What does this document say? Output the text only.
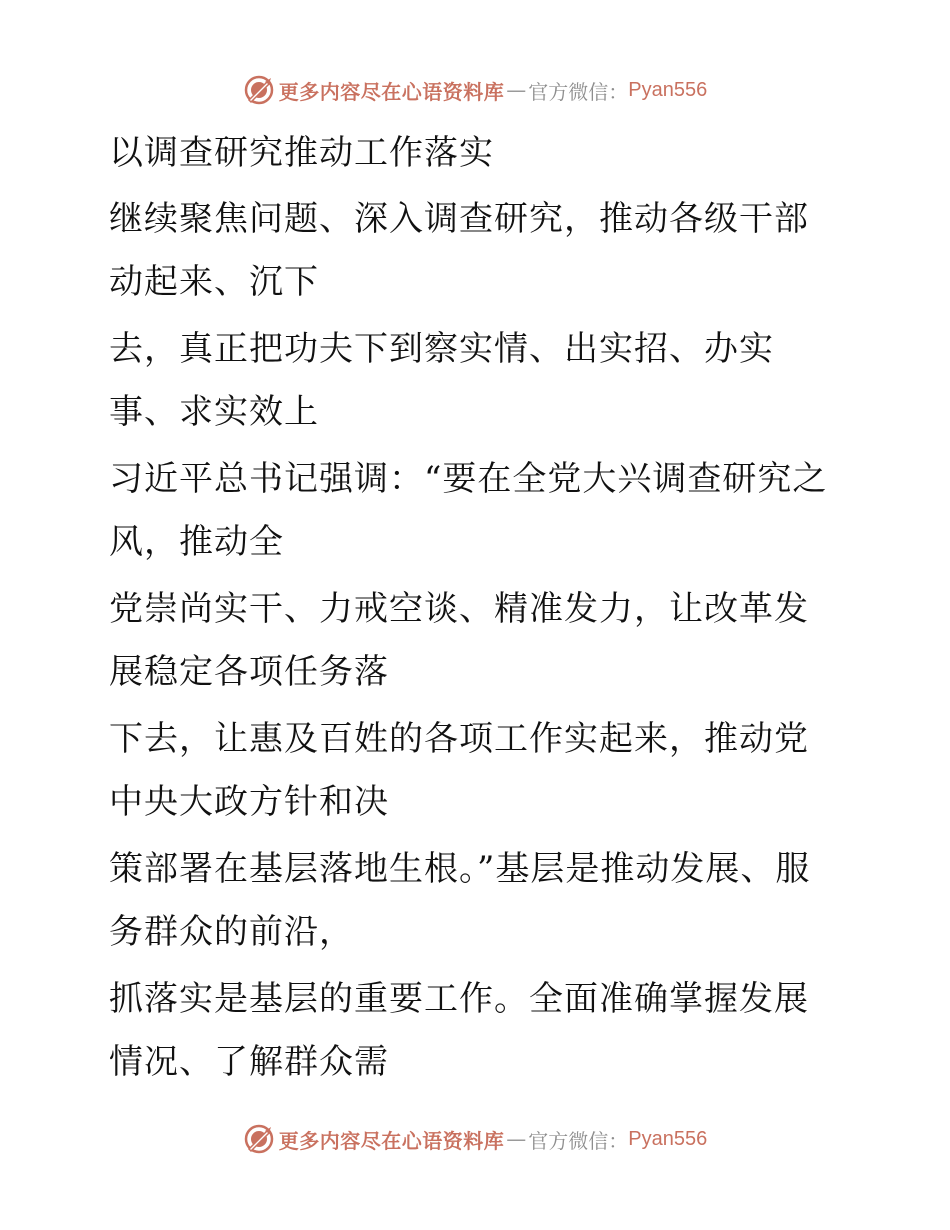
更多内容尽在心语资料库 — 官方微信： Pyan556

以调查研究推动工作落实

继续聚焦问题、深入调查研究，推动各级干部动起来、沉下

去，真正把功夫下到察实情、出实招、办实事、求实效上

习近平总书记强调：“要在全党大兴调查研究之风，推动全

党崇尚实干、力戒空谈、精准发力，让改革发展稳定各项任务落

下去，让惠及百姓的各项工作实起来，推动党中央大政方针和决

策部署在基层落地生根。”基层是推动发展、服务群众的前沿，

抓落实是基层的重要工作。全面准确掌握发展情况、了解群众需

更多内容尽在心语资料库 — 官方微信： Pyan556
